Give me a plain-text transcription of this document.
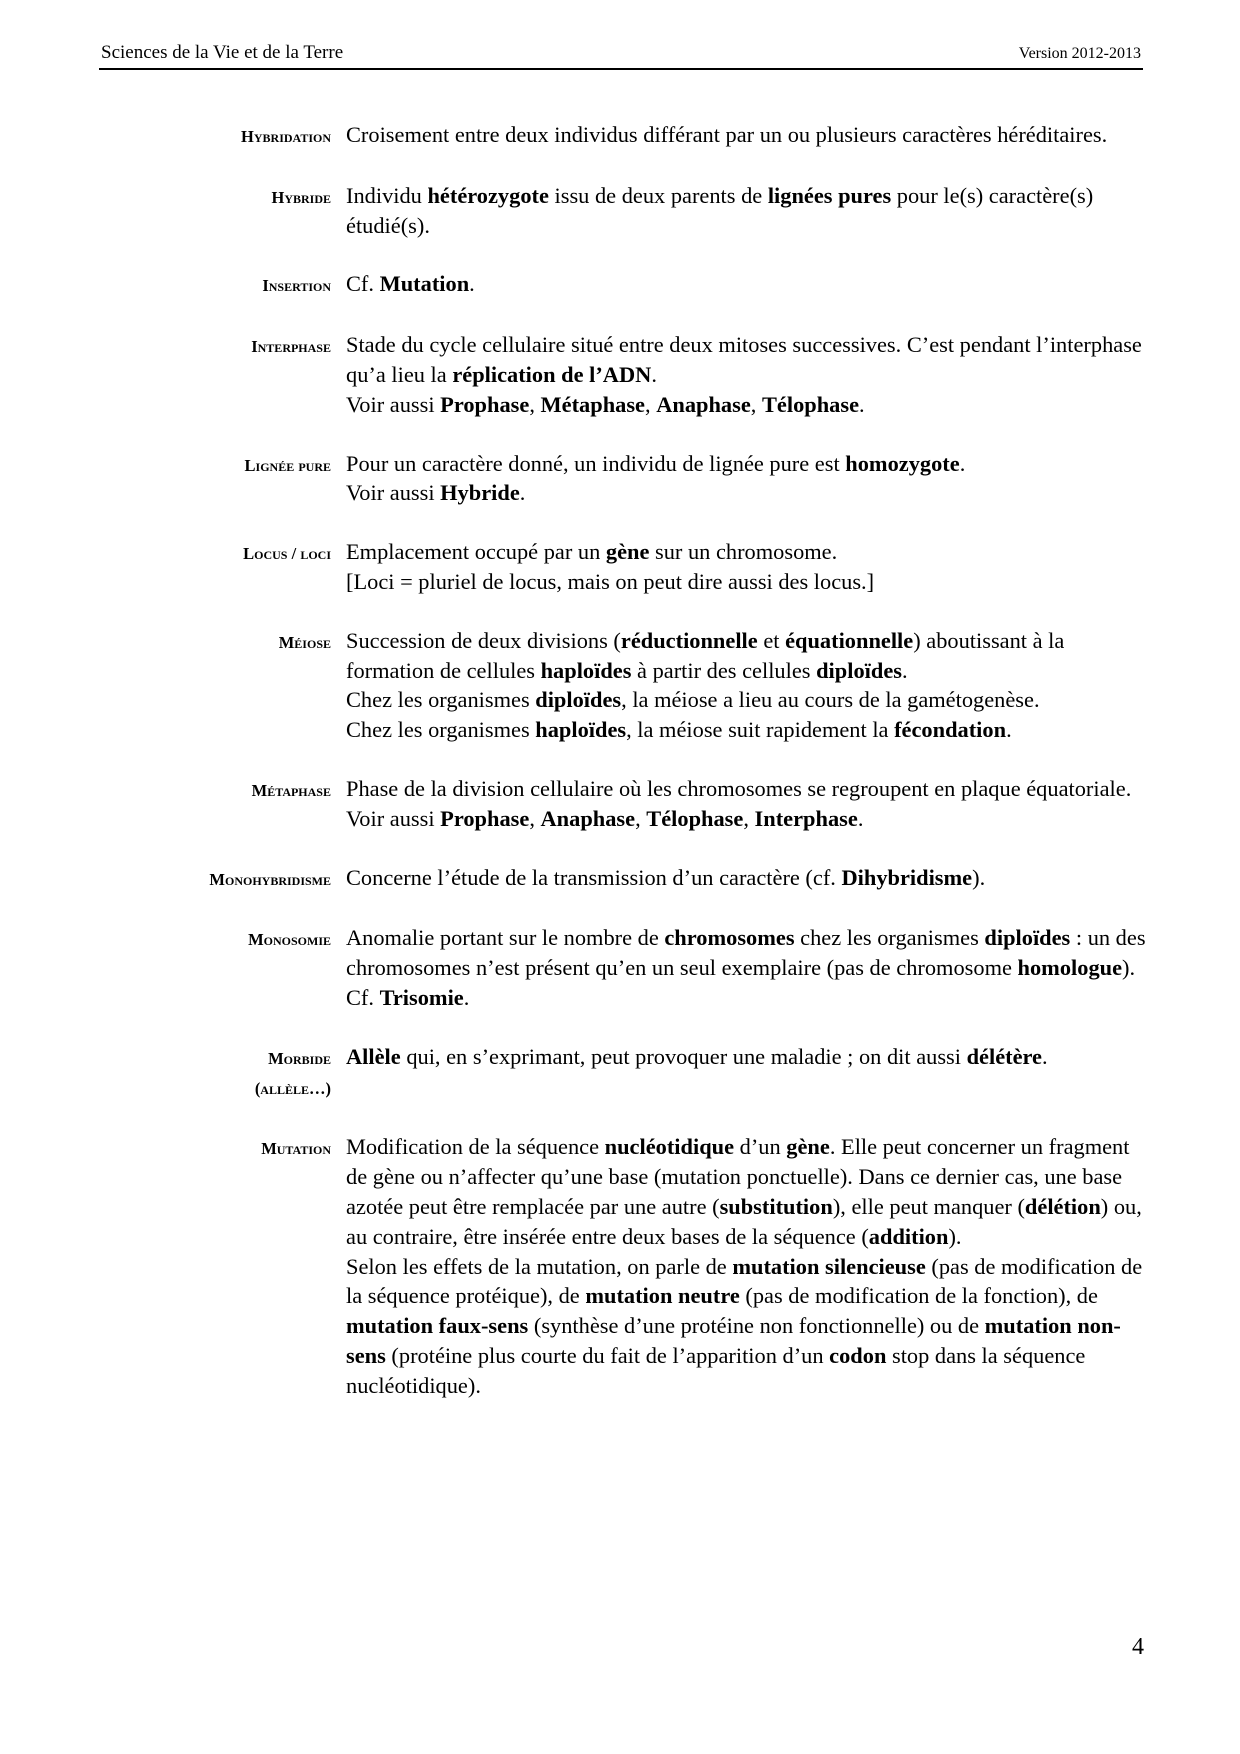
Sciences de la Vie et de la Terre	Version 2012-2013
Hybridation Croisement entre deux individus différant par un ou plusieurs caractères héréditaires.
Hybride Individu hétérozygote issu de deux parents de lignées pures pour le(s) caractère(s) étudié(s).
Insertion Cf. Mutation.
Interphase Stade du cycle cellulaire situé entre deux mitoses successives. C’est pendant l’interphase qu’a lieu la réplication de l’ADN.
Voir aussi Prophase, Métaphase, Anaphase, Télophase.
Lignée pure Pour un caractère donné, un individu de lignée pure est homozygote.
Voir aussi Hybride.
Locus / loci Emplacement occupé par un gène sur un chromosome.
[Loci = pluriel de locus, mais on peut dire aussi des locus.]
Méiose Succession de deux divisions (réductionnelle et équationnelle) aboutissant à la formation de cellules haploïdes à partir des cellules diploïdes.
Chez les organismes diploïdes, la méiose a lieu au cours de la gamétogenèse.
Chez les organismes haploïdes, la méiose suit rapidement la fécondation.
Métaphase Phase de la division cellulaire où les chromosomes se regroupent en plaque équatoriale.
Voir aussi Prophase, Anaphase, Télophase, Interphase.
Monohybridisme Concerne l’étude de la transmission d’un caractère (cf. Dihybridisme).
Monosomie Anomalie portant sur le nombre de chromosomes chez les organismes diploïdes : un des chromosomes n’est présent qu’en un seul exemplaire (pas de chromosome homologue).
Cf. Trisomie.
Morbide
(allèle…)
Allèle qui, en s’exprimant, peut provoquer une maladie ; on dit aussi délétère.
Mutation Modification de la séquence nucléotidique d’un gène. Elle peut concerner un fragment de gène ou n’affecter qu’une base (mutation ponctuelle). Dans ce dernier cas, une base azotée peut être remplacée par une autre (substitution), elle peut manquer (délétion) ou, au contraire, être insérée entre deux bases de la séquence (addition).
Selon les effets de la mutation, on parle de mutation silencieuse (pas de modification de la séquence protéique), de mutation neutre (pas de modification de la fonction), de mutation faux-sens (synthèse d’une protéine non fonctionnelle) ou de mutation non-sens (protéine plus courte du fait de l’apparition d’un codon stop dans la séquence nucléotidique).
4
